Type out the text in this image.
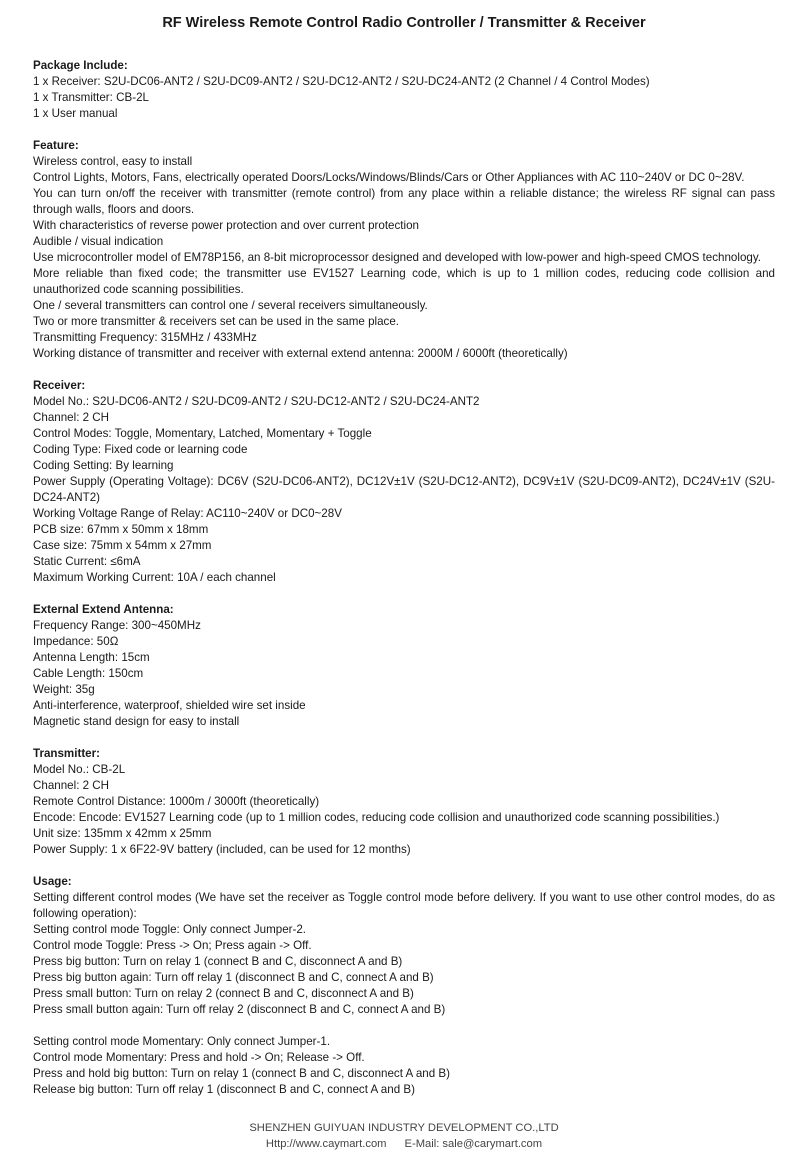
RF Wireless Remote Control Radio Controller / Transmitter & Receiver
Package Include:
1 x Receiver: S2U-DC06-ANT2 / S2U-DC09-ANT2 / S2U-DC12-ANT2 / S2U-DC24-ANT2 (2 Channel / 4 Control Modes)
1 x Transmitter: CB-2L
1 x User manual
Feature:
Wireless control, easy to install
Control Lights, Motors, Fans, electrically operated Doors/Locks/Windows/Blinds/Cars or Other Appliances with AC 110~240V or DC 0~28V.
You can turn on/off the receiver with transmitter (remote control) from any place within a reliable distance; the wireless RF signal can pass through walls, floors and doors.
With characteristics of reverse power protection and over current protection
Audible / visual indication
Use microcontroller model of EM78P156, an 8-bit microprocessor designed and developed with low-power and high-speed CMOS technology.
More reliable than fixed code; the transmitter use EV1527 Learning code, which is up to 1 million codes, reducing code collision and unauthorized code scanning possibilities.
One / several transmitters can control one / several receivers simultaneously.
Two or more transmitter & receivers set can be used in the same place.
Transmitting Frequency: 315MHz / 433MHz
Working distance of transmitter and receiver with external extend antenna: 2000M / 6000ft (theoretically)
Receiver:
Model No.: S2U-DC06-ANT2 / S2U-DC09-ANT2 / S2U-DC12-ANT2 / S2U-DC24-ANT2
Channel: 2 CH
Control Modes: Toggle, Momentary, Latched, Momentary + Toggle
Coding Type: Fixed code or learning code
Coding Setting: By learning
Power Supply (Operating Voltage): DC6V (S2U-DC06-ANT2), DC12V±1V (S2U-DC12-ANT2), DC9V±1V (S2U-DC09-ANT2), DC24V±1V (S2U-DC24-ANT2)
Working Voltage Range of Relay: AC110~240V or DC0~28V
PCB size: 67mm x 50mm x 18mm
Case size: 75mm x 54mm x 27mm
Static Current: ≤6mA
Maximum Working Current: 10A / each channel
External Extend Antenna:
Frequency Range: 300~450MHz
Impedance: 50Ω
Antenna Length: 15cm
Cable Length: 150cm
Weight: 35g
Anti-interference, waterproof, shielded wire set inside
Magnetic stand design for easy to install
Transmitter:
Model No.: CB-2L
Channel: 2 CH
Remote Control Distance: 1000m / 3000ft (theoretically)
Encode: Encode: EV1527 Learning code (up to 1 million codes, reducing code collision and unauthorized code scanning possibilities.)
Unit size: 135mm x 42mm x 25mm
Power Supply: 1 x 6F22-9V battery (included, can be used for 12 months)
Usage:
Setting different control modes (We have set the receiver as Toggle control mode before delivery. If you want to use other control modes, do as following operation):
Setting control mode Toggle: Only connect Jumper-2.
Control mode Toggle: Press -> On; Press again -> Off.
Press big button: Turn on relay 1 (connect B and C, disconnect A and B)
Press big button again: Turn off relay 1 (disconnect B and C, connect A and B)
Press small button: Turn on relay 2 (connect B and C, disconnect A and B)
Press small button again: Turn off relay 2 (disconnect B and C, connect A and B)
Setting control mode Momentary: Only connect Jumper-1.
Control mode Momentary: Press and hold -> On; Release -> Off.
Press and hold big button: Turn on relay 1 (connect B and C, disconnect A and B)
Release big button: Turn off relay 1 (disconnect B and C, connect A and B)
SHENZHEN GUIYUAN INDUSTRY DEVELOPMENT CO.,LTD
Http://www.caymart.com E-Mail: sale@carymart.com
